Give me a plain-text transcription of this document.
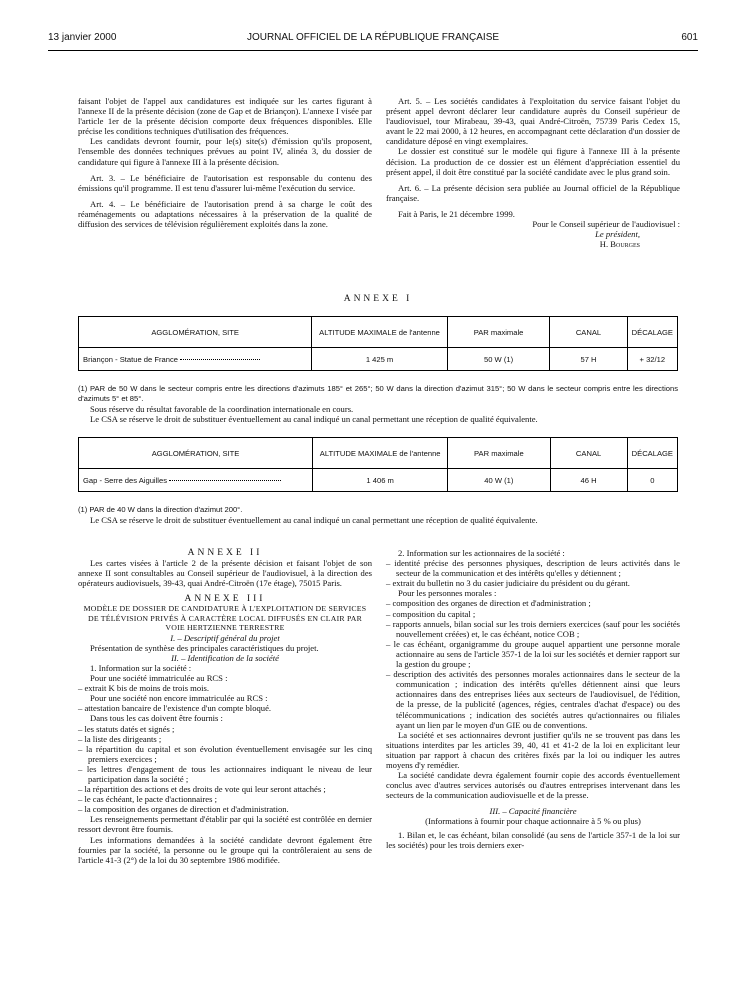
13 janvier 2000	JOURNAL OFFICIEL DE LA RÉPUBLIQUE FRANÇAISE	601

faisant l'objet de l'appel aux candidatures est indiquée sur les cartes figurant à l'annexe II de la présente décision (zone de Gap et de Briançon). L'annexe I visée par l'article 1er de la présente décision comporte deux fréquences disponibles. Elle précise les conditions techniques d'utilisation des fréquences.

Les candidats devront fournir, pour le(s) site(s) d'émission qu'ils proposent, l'ensemble des données techniques prévues au point IV, alinéa 3, du dossier de candidature qui figure à l'annexe III à la présente décision.

Art. 3. – Le bénéficiaire de l'autorisation est responsable du contenu des émissions qu'il programme. Il est tenu d'assurer lui-même l'exécution du service.

Art. 4. – Le bénéficiaire de l'autorisation prend à sa charge le coût des réaménagements ou adaptations nécessaires à la préservation de la qualité de diffusion des services de télévision régulièrement exploités dans la zone.

Art. 5. – Les sociétés candidates à l'exploitation du service faisant l'objet du présent appel devront déclarer leur candidature auprès du Conseil supérieur de l'audiovisuel, tour Mirabeau, 39-43, quai André-Citroën, 75739 Paris Cedex 15, avant le 22 mai 2000, à 12 heures, en accompagnant cette déclaration d'un dossier de candidature déposé en vingt exemplaires.

Le dossier est constitué sur le modèle qui figure à l'annexe III à la présente décision. La production de ce dossier est un élément d'appréciation essentiel du présent appel, il doit être constitué par la société candidate avec le plus grand soin.

Art. 6. – La présente décision sera publiée au Journal officiel de la République française.

Fait à Paris, le 21 décembre 1999.

Pour le Conseil supérieur de l'audiovisuel :

Le président,

H. Bourges

ANNEXE I
AGGLOMÉRATION, SITE	ALTITUDE MAXIMALE de l'antenne	PAR maximale	CANAL	DÉCALAGE
Briançon - Statue de France	1 425 m	50 W (1)	57 H	+ 32/12

(1) PAR de 50 W dans le secteur compris entre les directions d'azimuts 185° et 265°; 50 W dans la direction d'azimut 315°; 50 W dans le secteur compris entre les directions d'azimuts 5° et 85°.

Sous réserve du résultat favorable de la coordination internationale en cours.

Le CSA se réserve le droit de substituer éventuellement au canal indiqué un canal permettant une réception de qualité équivalente.

AGGLOMÉRATION, SITE	ALTITUDE MAXIMALE de l'antenne	PAR maximale	CANAL	DÉCALAGE
Gap - Serre des Aiguilles	1 406 m	40 W (1)	46 H	0

(1) PAR de 40 W dans la direction d'azimut 200°.

Le CSA se réserve le droit de substituer éventuellement au canal indiqué un canal permettant une réception de qualité équivalente.

ANNEXE II

Les cartes visées à l'article 2 de la présente décision et faisant l'objet de son annexe II sont consultables au Conseil supérieur de l'audiovisuel, à la direction des opérateurs audiovisuels, 39-43, quai André-Citroën (17e étage), 75015 Paris.

ANNEXE III

MODÈLE DE DOSSIER DE CANDIDATURE À L'EXPLOITATION DE SERVICES DE TÉLÉVISION PRIVÉS À CARACTÈRE LOCAL DIFFUSÉS EN CLAIR PAR VOIE HERTZIENNE TERRESTRE

I. – Descriptif général du projet

Présentation de synthèse des principales caractéristiques du projet.

II. – Identification de la société

1. Information sur la société :

Pour une société immatriculée au RCS :

– extrait K bis de moins de trois mois.

Pour une société non encore immatriculée au RCS :

– attestation bancaire de l'existence d'un compte bloqué.

Dans tous les cas doivent être fournis :

– les statuts datés et signés ;

– la liste des dirigeants ;

– la répartition du capital et son évolution éventuellement envisagée sur les cinq premiers exercices ;

– les lettres d'engagement de tous les actionnaires indiquant le niveau de leur participation dans la société ;

– la répartition des actions et des droits de vote qui leur seront attachés ;

– le cas échéant, le pacte d'actionnaires ;

– la composition des organes de direction et d'administration.

Les renseignements permettant d'établir par qui la société est contrôlée en dernier ressort devront être fournis.

Les informations demandées à la société candidate devront également être fournies par la société, la personne ou le groupe qui la contrôleraient au sens de l'article 41-3 (2°) de la loi du 30 septembre 1986 modifiée.

2. Information sur les actionnaires de la société :

– identité précise des personnes physiques, description de leurs activités dans le secteur de la communication et des intérêts qu'elles y détiennent ;

– extrait du bulletin no 3 du casier judiciaire du président ou du gérant.

Pour les personnes morales :

– composition des organes de direction et d'administration ;

– composition du capital ;

– rapports annuels, bilan social sur les trois derniers exercices (sauf pour les sociétés nouvellement créées) et, le cas échéant, notice COB ;

– le cas échéant, organigramme du groupe auquel appartient une personne morale actionnaire au sens de l'article 357-1 de la loi sur les sociétés et dernier rapport sur la gestion du groupe ;

– description des activités des personnes morales actionnaires dans le secteur de la communication ; indication des intérêts qu'elles détiennent ainsi que leurs actionnaires dans des entreprises liées aux secteurs de l'audiovisuel, de l'édition, de la presse, de la publicité (agences, régies, centrales d'achat d'espace) ou des télécommunications ; indication des sociétés autres qu'actionnaires ou filiales ayant un lien par le moyen d'un GIE ou de conventions.

La société et ses actionnaires devront justifier qu'ils ne se trouvent pas dans les situations interdites par les articles 39, 40, 41 et 41-2 de la loi en explicitant leur situation par rapport à chacun des critères fixés par la loi ou indiquer les autres moyens d'y remédier.

La société candidate devra également fournir copie des accords éventuellement conclus avec d'autres services autorisés ou d'autres entreprises intervenant dans les secteurs de la communication audiovisuelle et de la presse.

III. – Capacité financière

(Informations à fournir pour chaque actionnaire à 5 % ou plus)

1. Bilan et, le cas échéant, bilan consolidé (au sens de l'article 357-1 de la loi sur les sociétés) pour les trois derniers exer-
